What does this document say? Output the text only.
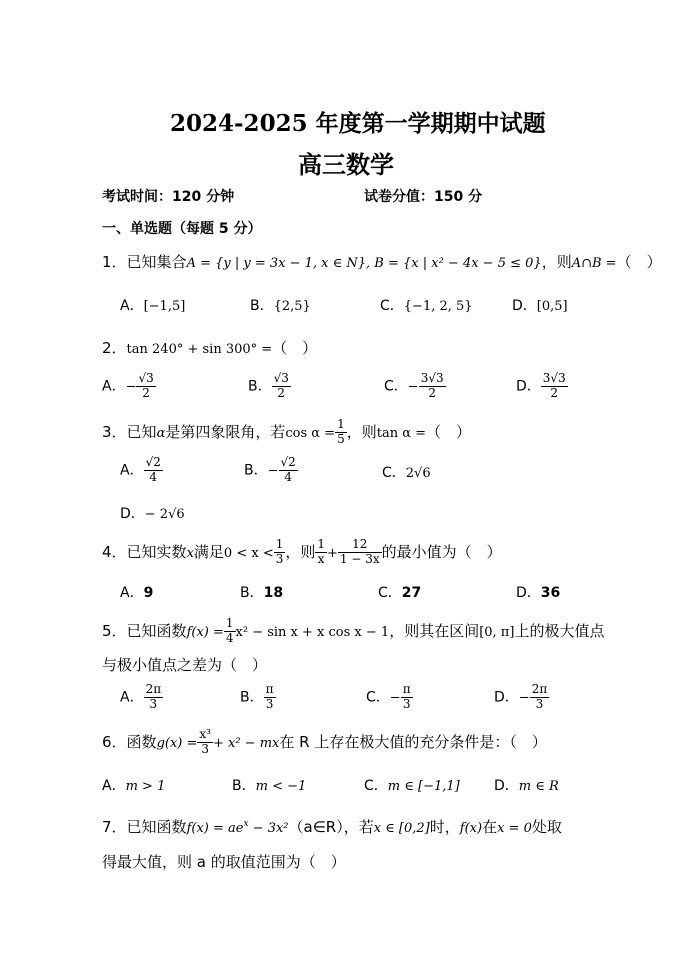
2024-2025 年度第一学期期中试题
高三数学
考试时间：120 分钟	试卷分值：150 分
一、单选题（每题 5 分）
1．已知集合A = {y | y = 3x − 1, x ∈ N}, B = {x | x² − 4x − 5 ≤ 0}，则A∩B =（　）
A．[−1,5]	B．{2,5}	C．{−1, 2, 5}	D．[0,5]
2．tan 240° + sin 300° =（　）
A．− $\frac{√3}{2}$	B． $\frac{√3}{2}$	C．− $\frac{3√3}{2}$	D． $\frac{3√3}{2}$
3．已知α是第四象限角，若$\cos \alpha = \frac{1}{5}$ ，则tan α =（　）
A． $\frac{√2}{4}$	B．− $\frac{√2}{4}$	C．2√6
D．− 2√6
4．已知实数x满足$0 < x < \frac{1}{3}$ ，则 $\frac{1}{x} + \frac{12}{1 - 3x}$ 的最小值为（　）
A．9	B．18	C．27	D．36
5．已知函数$f(x) = \frac{1}{4} x^2 - \sin x + x$ cos x − 1，则其在区间[0, π]上的极大值点
与极小值点之差为（　）
A． $\frac{2\pi}{3}$	B． $\frac{\pi}{3}$	C．− $\frac{\pi}{3}$	D．− $\frac{2\pi}{3}$
6．函数$g(x) = \frac{\text{x³}}{3} + x^2$ − mx在 R 上存在极大值的充分条件是：（　）
A．m > 1	B．m < −1	C．m ∈ [−1,1] D．m ∈ R
7．已知函数$f(x) = ae^x$ − 3x²（a∈R），若x ∈ [0,2]时，f(x)在x = 0处取
得最大值，则 a 的取值范围为（　）
